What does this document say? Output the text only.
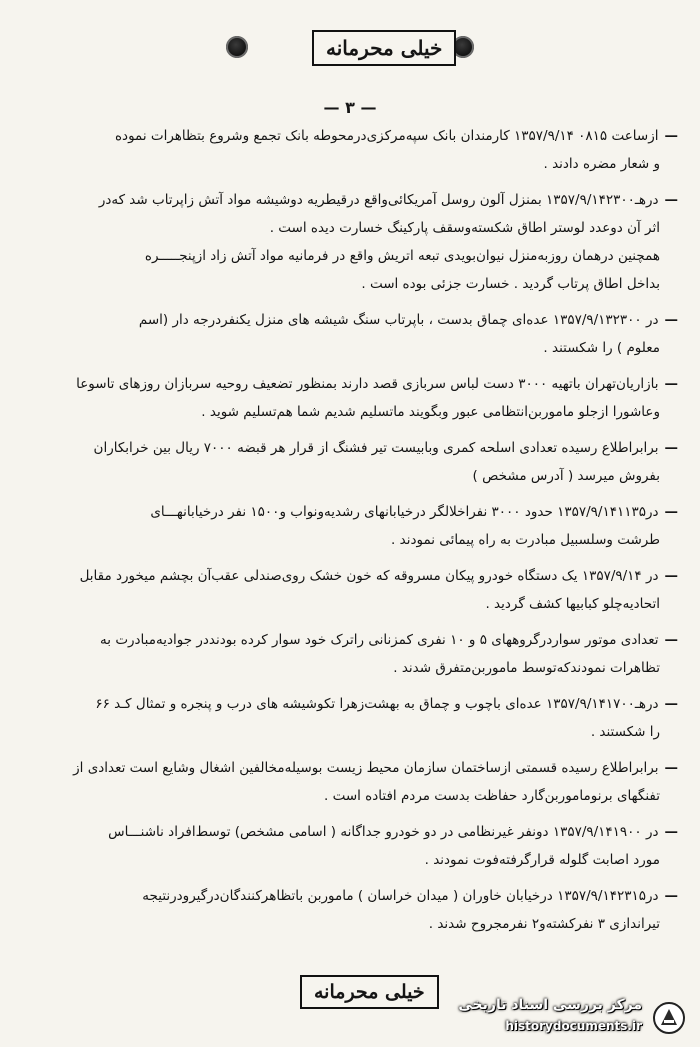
خیلی محرمانه
— ۳ —
— ازساعت ۰۸۱۵ ۱۳۵۷/۹/۱۴ کارمندان بانک سپه‌مرکزی‌درمحوطه بانک تجمع وشروع بتظاهرات نموده
و شعار مضره دادند .
— درهـ۱۳۵۷/۹/۱۴۲۳۰۰ بمنزل آلون روسل آمریکائی‌واقع درقیطریه دوشیشه مواد آتش زاپرتاب شد که‌در
اثر آن دوعدد لوستر اطاق شکسته‌وسقف پارکینگ خسارت دیده است .
همچنین درهمان روزبه‌منزل نیوان‌بویدی تبعه اتریش واقع در فرمانیه مواد آتش زاد ازپنجـــــره
بداخل اطاق پرتاب گردید . خسارت جزئی بوده است .
— در ۱۳۵۷/۹/۱۳۲۳۰۰ عده‌ای چماق بدست ، باپرتاب سنگ شیشه های منزل یکنفردرجه دار (اسم
معلوم ) را شکستند .
— بازاریان‌تهران باتهیه ۳۰۰۰ دست لباس سربازی قصد دارند بمنظور تضعیف روحیه سربازان روزهای تاسوعا
وعاشورا ازجلو ماموربن‌انتظامی عبور وبگویند ماتسلیم شدیم شما هم‌تسلیم شوید .
— برابراطلاع رسیده تعدادی اسلحه کمری وبابیست تیر فشنگ از قرار هر قبضه ۷۰۰۰ ریال بین خرابکاران
بفروش میرسد ( آدرس مشخص )
— در۱۳۵۷/۹/۱۴۱۱۳۵ حدود ۳۰۰۰ نفراخلالگر درخیابانهای رشدیه‌ونواب و۱۵۰۰ نفر درخیابانهـــای
طرشت وسلسبیل مبادرت به راه پیمائی نمودند .
— در ۱۳۵۷/۹/۱۴ یک دستگاه خودرو پیکان مسروقه که خون خشک روی‌صندلی عقب‌آن بچشم میخورد مقابل
اتحادیه‌چلو کبابیها کشف گردید .
— تعدادی موتور سواردرگروههای ۵ و ۱۰ نفری کمزنانی راترک خود سوار کرده بودنددر جوادیه‌مبادرت به
تظاهرات نمودندکه‌توسط ماموربن‌متفرق شدند .
— درهـ۱۳۵۷/۹/۱۴۱۷۰۰ عده‌ای باچوب و چماق به بهشت‌زهرا تکوشیشه های درب و پنجره و تمثال کـد ۶۶
را شکستند .
— برابراطلاع رسیده قسمتی ازساختمان سازمان محیط زیست بوسیله‌مخالفین اشغال وشایع است تعدادی از
تفنگهای برنوماموربن‌گارد حفاظت بدست مردم افتاده است .
— در ۱۳۵۷/۹/۱۴۱۹۰۰ دونفر غیرنظامی در دو خودرو جداگانه ( اسامی مشخص) توسط‌افراد ناشنـــاس
مورد اصابت گلوله قرارگرفته‌فوت نمودند .
— در۱۳۵۷/۹/۱۴۲۳۱۵ درخیابان خاوران ( میدان خراسان ) ماموربن باتظاهرکنندگان‌درگیرودرنتیجه
تیراندازی ۳ نفرکشته‌و۲ نفرمجروح شدند .
خیلی محرمانه
مرکز بررسی اسناد تاریخی
historydocuments.ir
